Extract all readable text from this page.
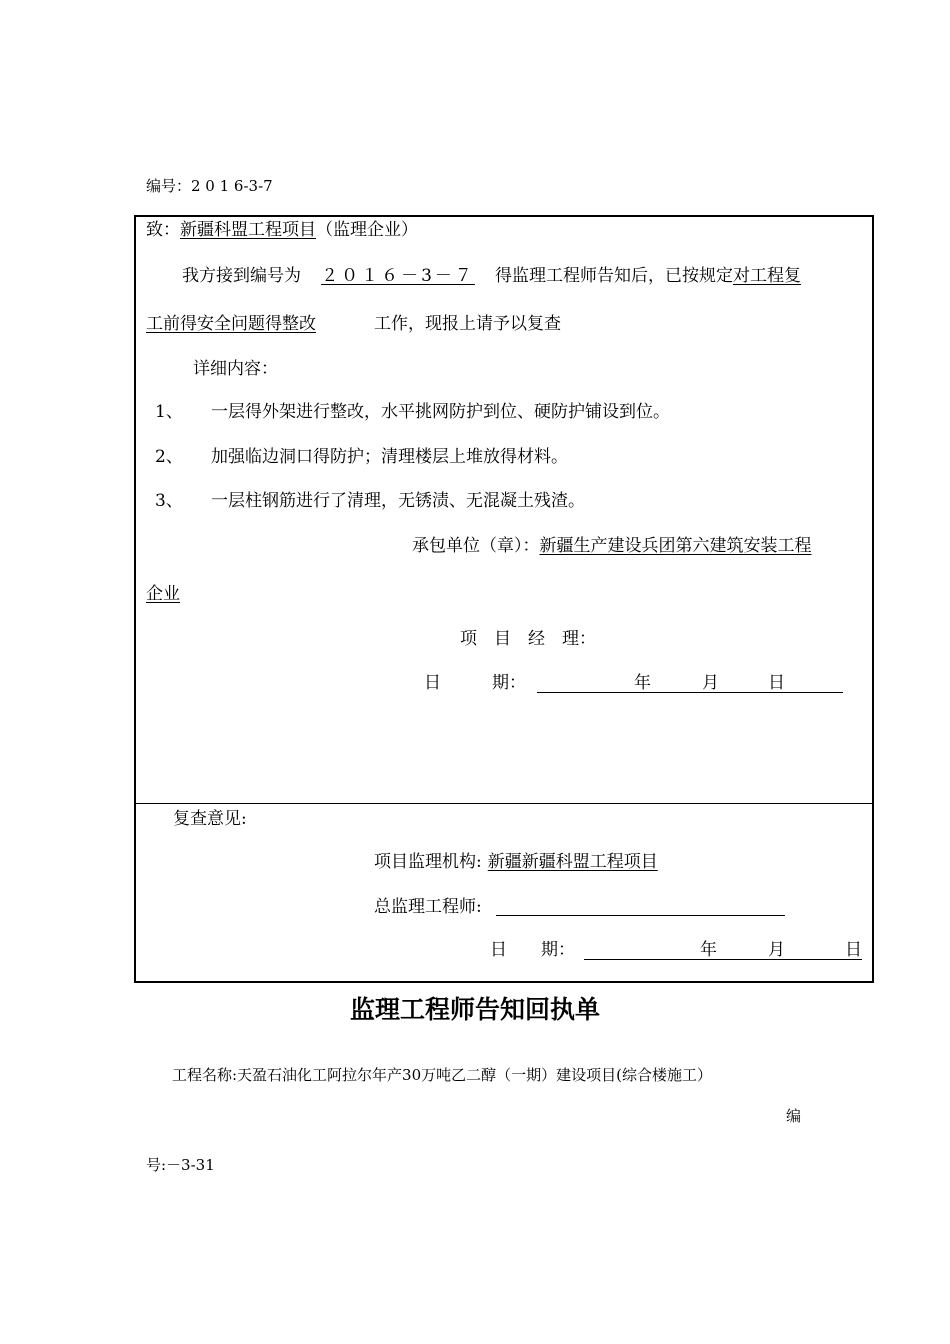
编号：2 0 1 6-3-7
致：新疆科盟工程项目（监理企业）
我方接到编号为 ２０１６－3－７ 得监理工程师告知后，已按规定对工程复
工前得安全问题得整改	工作，现报上请予以复查
详细内容：
1、 一层得外架进行整改，水平挑网防护到位、硬防护铺设到位。
2、 加强临边洞口得防护；清理楼层上堆放得材料。
3、 一层柱钢筋进行了清理，无锈渍、无混凝土残渣。
承包单位（章）：新疆生产建设兵团第六建筑安装工程
企业
项　目　经　理：
日　　　期：	年	月	日
复查意见:
项目监理机构: 新疆新疆科盟工程项目
总监理工程师:
日　　期：	年	月	日
监理工程师告知回执单
工程名称:天盈石油化工阿拉尔年产30万吨乙二醇（一期）建设项目(综合楼施工）
编
号:－3-31
